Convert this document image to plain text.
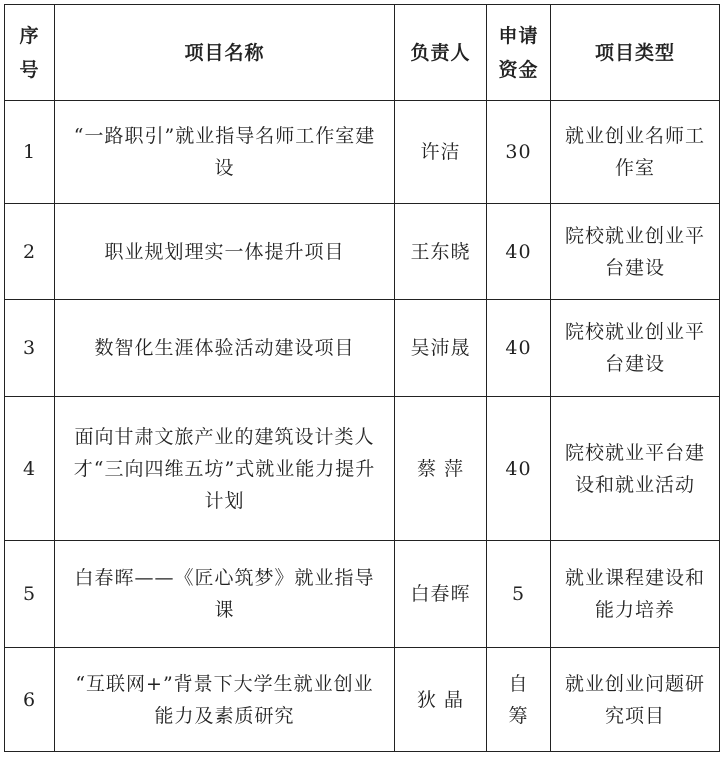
序号	项目名称	负责人	申请资金	项目类型
1	“一路职引”就业指导名师工作室建设	许洁	30	就业创业名师工作室
2	职业规划理实一体提升项目	王东晓	40	院校就业创业平台建设
3	数智化生涯体验活动建设项目	吴沛晟	40	院校就业创业平台建设
4	面向甘肃文旅产业的建筑设计类人才“三向四维五坊”式就业能力提升计划	蔡 萍	40	院校就业平台建设和就业活动
5	白春晖——《匠心筑梦》就业指导课	白春晖	5	就业课程建设和能力培养
6	“互联网+”背景下大学生就业创业能力及素质研究	狄 晶	自筹	就业创业问题研究项目
